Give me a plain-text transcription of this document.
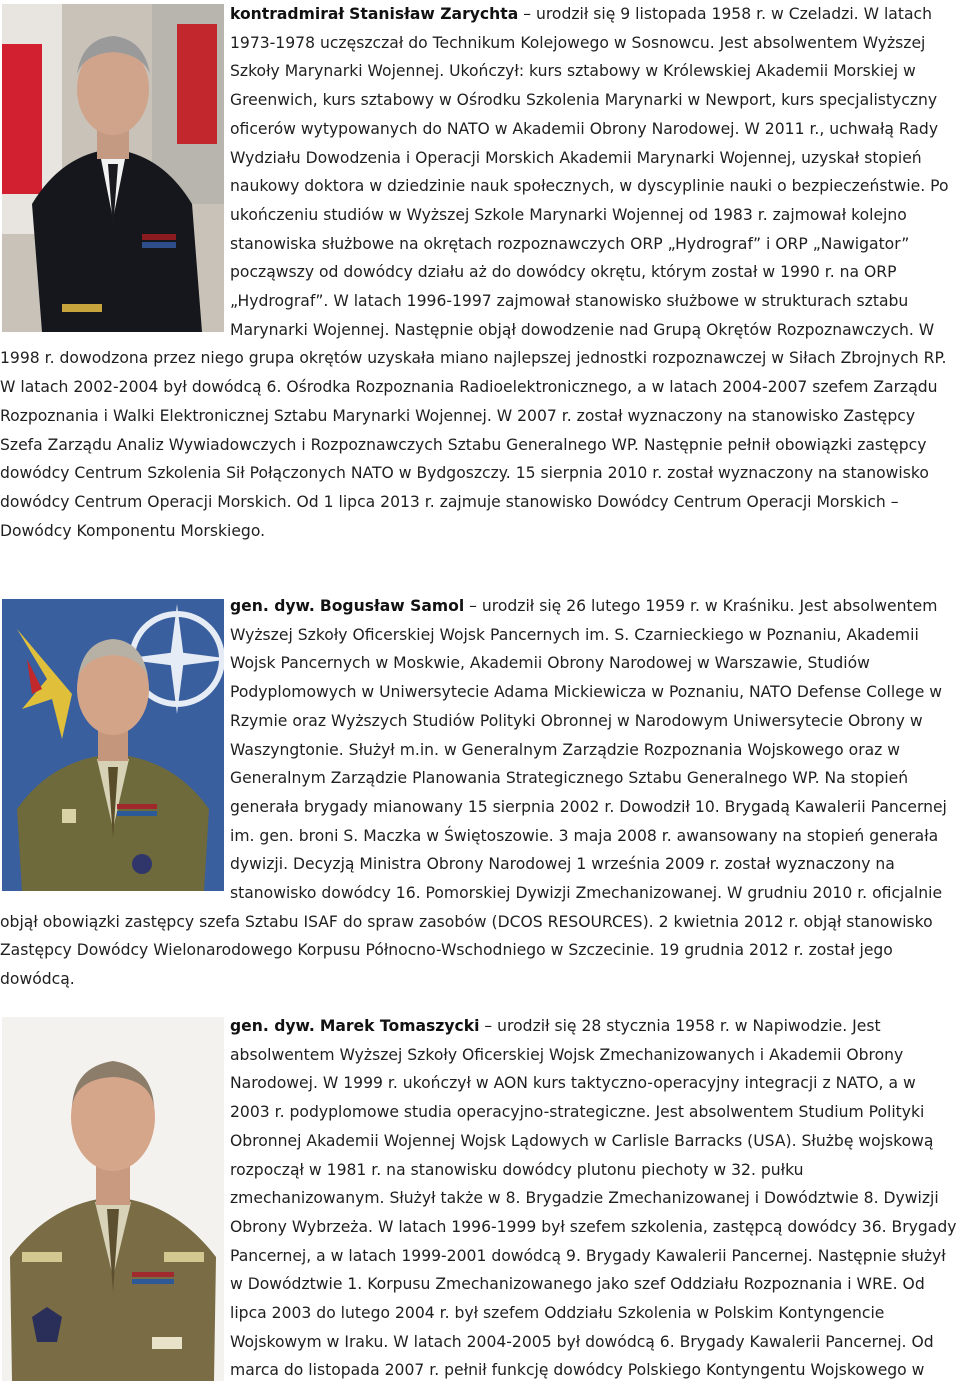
kontradmirał Stanisław Zarychta – urodził się 9 listopada 1958 r. w Czeladzi. W latach 1973-1978 uczęszczał do Technikum Kolejowego w Sosnowcu. Jest absolwentem Wyższej Szkoły Marynarki Wojennej. Ukończył: kurs sztabowy w Królewskiej Akademii Morskiej w Greenwich, kurs sztabowy w Ośrodku Szkolenia Marynarki w Newport, kurs specjalistyczny oficerów wytypowanych do NATO w Akademii Obrony Narodowej. W 2011 r., uchwałą Rady Wydziału Dowodzenia i Operacji Morskich Akademii Marynarki Wojennej, uzyskał stopień naukowy doktora w dziedzinie nauk społecznych, w dyscyplinie nauki o bezpieczeństwie. Po ukończeniu studiów w Wyższej Szkole Marynarki Wojennej od 1983 r. zajmował kolejno stanowiska służbowe na okrętach rozpoznawczych ORP „Hydrograf” i ORP „Nawigator” począwszy od dowódcy działu aż do dowódcy okrętu, którym został w 1990 r. na ORP „Hydrograf”. W latach 1996-1997 zajmował stanowisko służbowe w strukturach sztabu Marynarki Wojennej. Następnie objął dowodzenie nad Grupą Okrętów Rozpoznawczych. W 1998 r. dowodzona przez niego grupa okrętów uzyskała miano najlepszej jednostki rozpoznawczej w Siłach Zbrojnych RP. W latach 2002-2004 był dowódcą 6. Ośrodka Rozpoznania Radioelektronicznego, a w latach 2004-2007 szefem Zarządu Rozpoznania i Walki Elektronicznej Sztabu Marynarki Wojennej. W 2007 r. został wyznaczony na stanowisko Zastępcy Szefa Zarządu Analiz Wywiadowczych i Rozpoznawczych Sztabu Generalnego WP. Następnie pełnił obowiązki zastępcy dowódcy Centrum Szkolenia Sił Połączonych NATO w Bydgoszczy. 15 sierpnia 2010 r. został wyznaczony na stanowisko dowódcy Centrum Operacji Morskich. Od 1 lipca 2013 r. zajmuje stanowisko Dowódcy Centrum Operacji Morskich – Dowódcy Komponentu Morskiego.

gen. dyw. Bogusław Samol – urodził się 26 lutego 1959 r. w Kraśniku. Jest absolwentem Wyższej Szkoły Oficerskiej Wojsk Pancernych im. S. Czarnieckiego w Poznaniu, Akademii Wojsk Pancernych w Moskwie, Akademii Obrony Narodowej w Warszawie, Studiów Podyplomowych w Uniwersytecie Adama Mickiewicza w Poznaniu, NATO Defense College w Rzymie oraz Wyższych Studiów Polityki Obronnej w Narodowym Uniwersytecie Obrony w Waszyngtonie. Służył m.in. w Generalnym Zarządzie Rozpoznania Wojskowego oraz w Generalnym Zarządzie Planowania Strategicznego Sztabu Generalnego WP. Na stopień generała brygady mianowany 15 sierpnia 2002 r. Dowodził 10. Brygadą Kawalerii Pancernej im. gen. broni S. Maczka w Świętoszowie. 3 maja 2008 r. awansowany na stopień generała dywizji. Decyzją Ministra Obrony Narodowej 1 września 2009 r. został wyznaczony na stanowisko dowódcy 16. Pomorskiej Dywizji Zmechanizowanej. W grudniu 2010 r. oficjalnie objął obowiązki zastępcy szefa Sztabu ISAF do spraw zasobów (DCOS RESOURCES). 2 kwietnia 2012 r. objął stanowisko Zastępcy Dowódcy Wielonarodowego Korpusu Północno-Wschodniego w Szczecinie. 19 grudnia 2012 r. został jego dowódcą.

gen. dyw. Marek Tomaszycki – urodził się 28 stycznia 1958 r. w Napiwodzie. Jest absolwentem Wyższej Szkoły Oficerskiej Wojsk Zmechanizowanych i Akademii Obrony Narodowej. W 1999 r. ukończył w AON kurs taktyczno-operacyjny integracji z NATO, a w 2003 r. podyplomowe studia operacyjno-strategiczne. Jest absolwentem Studium Polityki Obronnej Akademii Wojennej Wojsk Lądowych w Carlisle Barracks (USA). Służbę wojskową rozpoczął w 1981 r. na stanowisku dowódcy plutonu piechoty w 32. pułku zmechanizowanym. Służył także w 8. Brygadzie Zmechanizowanej i Dowództwie 8. Dywizji Obrony Wybrzeża. W latach 1996-1999 był szefem szkolenia, zastępcą dowódcy 36. Brygady Pancernej, a w latach 1999-2001 dowódcą 9. Brygady Kawalerii Pancernej. Następnie służył w Dowództwie 1. Korpusu Zmechanizowanego jako szef Oddziału Rozpoznania i WRE. Od lipca 2003 do lutego 2004 r. był szefem Oddziału Szkolenia w Polskim Kontyngencie Wojskowym w Iraku. W latach 2004-2005 był dowódcą 6. Brygady Kawalerii Pancernej. Od marca do listopada 2007 r. pełnił funkcję dowódcy Polskiego Kontyngentu Wojskowego w
